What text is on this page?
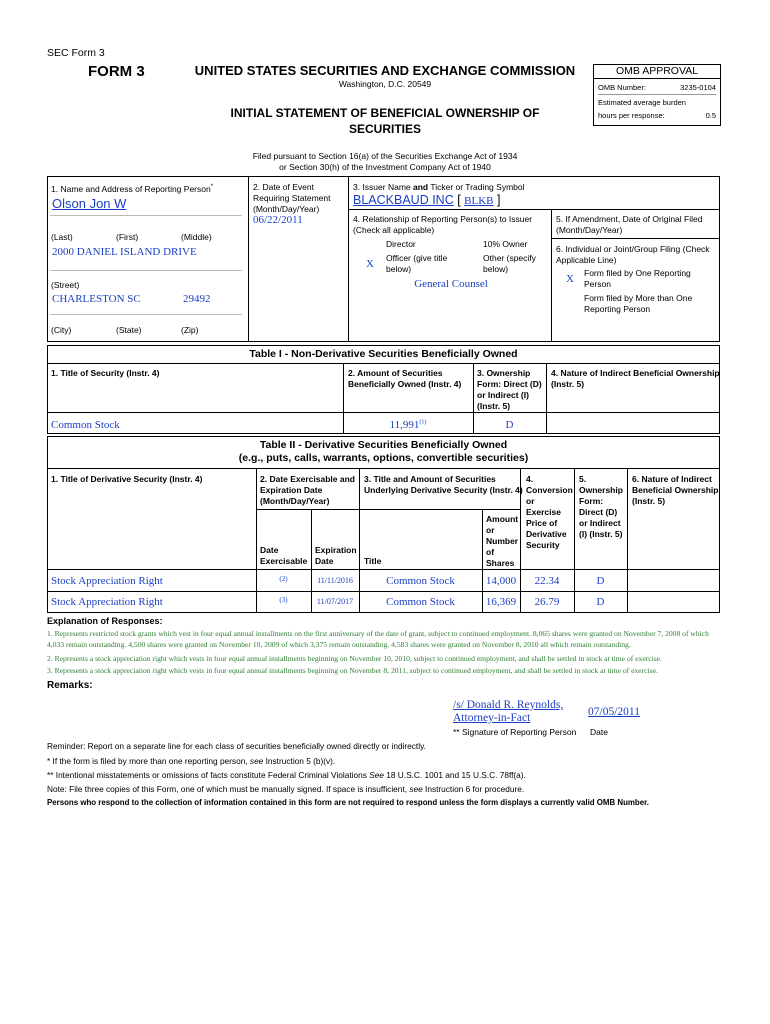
SEC Form 3
FORM 3	UNITED STATES SECURITIES AND EXCHANGE COMMISSION
Washington, D.C. 20549
INITIAL STATEMENT OF BENEFICIAL OWNERSHIP OF
SECURITIES
Filed pursuant to Section 16(a) of the Securities Exchange Act of 1934
or Section 30(h) of the Investment Company Act of 1940
OMB APPROVAL
OMB Number:	3235-0104
Estimated average burden
hours per response:	0.5
1. Name and Address of Reporting Person*
Olson Jon W
(Last)	(First)	(Middle)
2000 DANIEL ISLAND DRIVE
(Street)
CHARLESTON SC	29492
(City)	(State)	(Zip)
2. Date of Event
Requiring Statement
(Month/Day/Year)
06/22/2011
3. Issuer Name and Ticker or Trading Symbol
BLACKBAUD INC [ BLKB ]
4. Relationship of Reporting Person(s) to Issuer
(Check all applicable)
Director	10% Owner
X Officer (give title
below)
Other (specify
below)
General Counsel
5. If Amendment, Date of Original Filed
(Month/Day/Year)
6. Individual or Joint/Group Filing (Check
Applicable Line)
X Form filed by One Reporting
Person
Form filed by More than One
Reporting Person
Table I - Non-Derivative Securities Beneficially Owned
1. Title of Security (Instr. 4)	2. Amount of Securities
Beneficially Owned (Instr. 4)
3. Ownership
Form: Direct (D)
or Indirect (I)
(Instr. 5)
4. Nature of Indirect Beneficial Ownership
(Instr. 5)
Common Stock	11,991$^{(1)}$	D
Table II - Derivative Securities Beneficially Owned
(e.g., puts, calls, warrants, options, convertible securities)
1. Title of Derivative Security (Instr. 4)	2. Date Exercisable and
Expiration Date
(Month/Day/Year)
3. Title and Amount of Securities
Underlying Derivative Security (Instr. 4)
4.
Conversion
or
Exercise
Price of
Derivative
Security
5.
Ownership
Form:
Direct (D)
or Indirect
(I) (Instr. 5)
6. Nature of Indirect
Beneficial Ownership
(Instr. 5)
Date
Exercisable
Expiration
Date	Title
Amount
or
Number
of
Shares
Stock Appreciation Right	(2)	11/11/2016	Common Stock	14,000	22.34	D
Stock Appreciation Right	(3)	11/07/2017	Common Stock	16,369	26.79	D
Explanation of Responses:
1. Represents restricted stock grants which vest in four equal annual installments on the first anniversary of the date of grant, subject to continued employment. 8,065 shares were granted on November 7, 2008 of which 4,033 remain outstanding. 4,500 shares were granted on November 10, 2009 of which 3,375 remain outstanding. 4,583 shares were granted on November 8, 2010 all which remain outstanding.
2. Represents a stock appreciation right which vests in four equal annual installments beginning on November 10, 2010, subject to continued employment, and shall be settled in stock at time of exercise.
3. Represents a stock appreciation right which vests in four equal annual installments beginning on November 8, 2011, subject to continued employment, and shall be settled in stock at time of exercise.
Remarks:
/s/ Donald R. Reynolds,
Attorney-in-Fact	07/05/2011
** Signature of Reporting Person Date
Reminder: Report on a separate line for each class of securities beneficially owned directly or indirectly.
* If the form is filed by more than one reporting person, see Instruction 5 (b)(v).
** Intentional misstatements or omissions of facts constitute Federal Criminal Violations See 18 U.S.C. 1001 and 15 U.S.C. 78ff(a).
Note: File three copies of this Form, one of which must be manually signed. If space is insufficient, see Instruction 6 for procedure.
Persons who respond to the collection of information contained in this form are not required to respond unless the form displays a currently valid OMB Number.
